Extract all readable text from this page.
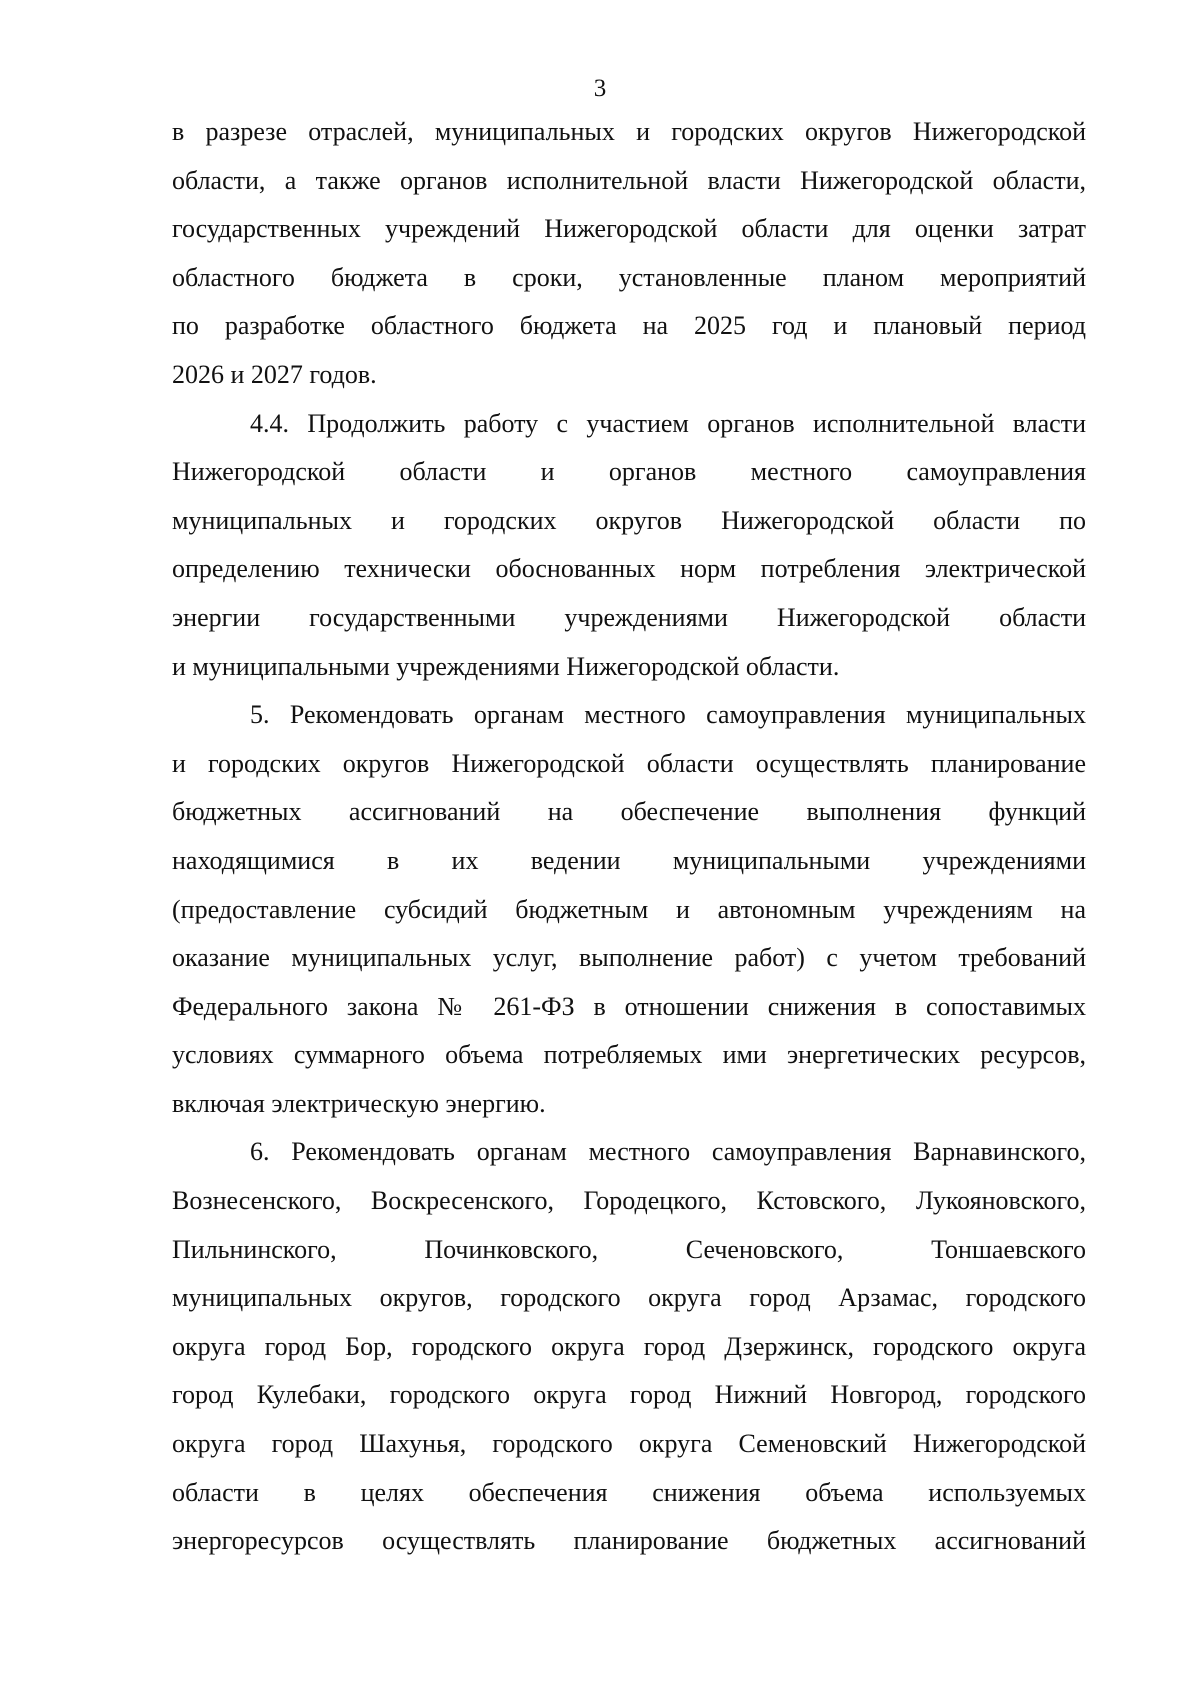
3
в разрезе отраслей, муниципальных и городских округов Нижегородской
области, а также органов исполнительной власти Нижегородской области,
государственных учреждений Нижегородской области для оценки затрат
областного бюджета в сроки, установленные планом мероприятий
по разработке областного бюджета на 2025 год и плановый период
2026 и 2027 годов.
4.4. Продолжить работу с участием органов исполнительной власти
Нижегородской области и органов местного самоуправления
муниципальных и городских округов Нижегородской области по
определению технически обоснованных норм потребления электрической
энергии государственными учреждениями Нижегородской области
и муниципальными учреждениями Нижегородской области.
5. Рекомендовать органам местного самоуправления муниципальных
и городских округов Нижегородской области осуществлять планирование
бюджетных ассигнований на обеспечение выполнения функций
находящимися в их ведении муниципальными учреждениями
(предоставление субсидий бюджетным и автономным учреждениям на
оказание муниципальных услуг, выполнение работ) с учетом требований
Федерального закона № 261-ФЗ в отношении снижения в сопоставимых
условиях суммарного объема потребляемых ими энергетических ресурсов,
включая электрическую энергию.
6. Рекомендовать органам местного самоуправления Варнавинского,
Вознесенского, Воскресенского, Городецкого, Кстовского, Лукояновского,
Пильнинского, Починковского, Сеченовского, Тоншаевского
муниципальных округов, городского округа город Арзамас, городского
округа город Бор, городского округа город Дзержинск, городского округа
город Кулебаки, городского округа город Нижний Новгород, городского
округа город Шахунья, городского округа Семеновский Нижегородской
области в целях обеспечения снижения объема используемых
энергоресурсов осуществлять планирование бюджетных ассигнований
